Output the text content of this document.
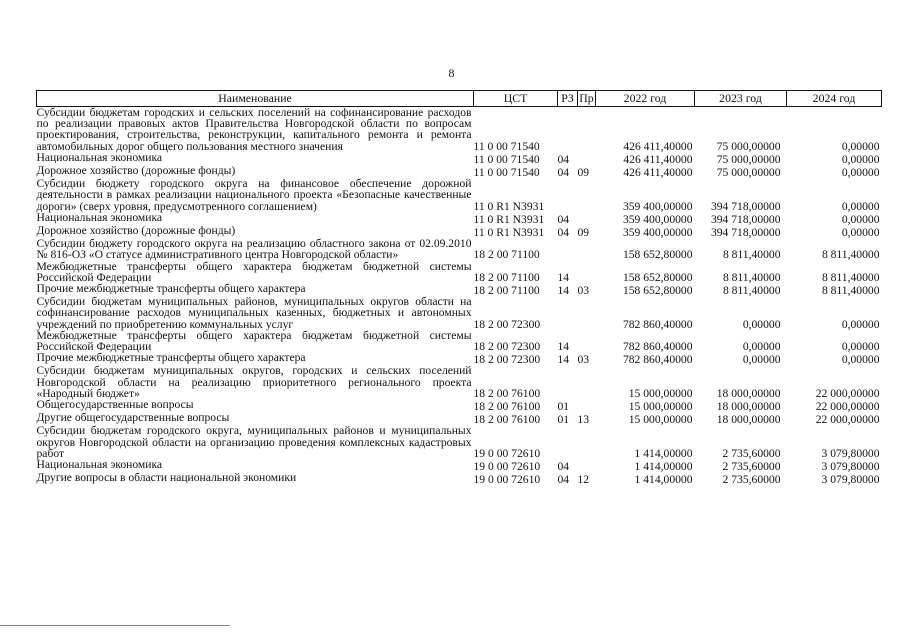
8
Наименование	ЦСТ	РЗ	Пр	2022 год	2023 год	2024 год
Субсидии бюджетам городских и сельских поселений на софинансирование расходов по реализации правовых актов Правительства Новгородской области по вопросам проектирования, строительства, реконструкции, капитального ремонта и ремонта автомобильных дорог общего пользования местного значения	11 0 00 71540			426 411,40000	75 000,00000	0,00000
Национальная экономика	11 0 00 71540	04		426 411,40000	75 000,00000	0,00000
Дорожное хозяйство (дорожные фонды)	11 0 00 71540	04	09	426 411,40000	75 000,00000	0,00000
Субсидии бюджету городского округа на финансовое обеспечение дорожной деятельности в рамках реализации национального проекта «Безопасные качественные дороги» (сверх уровня, предусмотренного соглашением)	11 0 R1 N3931			359 400,00000	394 718,00000	0,00000
Национальная экономика	11 0 R1 N3931	04		359 400,00000	394 718,00000	0,00000
Дорожное хозяйство (дорожные фонды)	11 0 R1 N3931	04	09	359 400,00000	394 718,00000	0,00000
Субсидии бюджету городского округа на реализацию областного закона от 02.09.2010 № 816-ОЗ «О статусе административного центра Новгородской области»	18 2 00 71100			158 652,80000	8 811,40000	8 811,40000
Межбюджетные трансферты общего характера бюджетам бюджетной системы Российской Федерации	18 2 00 71100	14		158 652,80000	8 811,40000	8 811,40000
Прочие межбюджетные трансферты общего характера	18 2 00 71100	14	03	158 652,80000	8 811,40000	8 811,40000
Субсидии бюджетам муниципальных районов, муниципальных округов области на софинансирование расходов муниципальных казенных, бюджетных и автономных учреждений по приобретению коммунальных услуг	18 2 00 72300			782 860,40000	0,00000	0,00000
Межбюджетные трансферты общего характера бюджетам бюджетной системы Российской Федерации	18 2 00 72300	14		782 860,40000	0,00000	0,00000
Прочие межбюджетные трансферты общего характера	18 2 00 72300	14	03	782 860,40000	0,00000	0,00000
Субсидии бюджетам муниципальных округов, городских и сельских поселений Новгородской области на реализацию приоритетного регионального проекта «Народный бюджет»	18 2 00 76100			15 000,00000	18 000,00000	22 000,00000
Общегосударственные вопросы	18 2 00 76100	01		15 000,00000	18 000,00000	22 000,00000
Другие общегосударственные вопросы	18 2 00 76100	01	13	15 000,00000	18 000,00000	22 000,00000
Субсидии бюджетам городского округа, муниципальных районов и муниципальных округов Новгородской области на организацию проведения комплексных кадастровых работ	19 0 00 72610			1 414,00000	2 735,60000	3 079,80000
Национальная экономика	19 0 00 72610	04		1 414,00000	2 735,60000	3 079,80000
Другие вопросы в области национальной экономики	19 0 00 72610	04	12	1 414,00000	2 735,60000	3 079,80000
